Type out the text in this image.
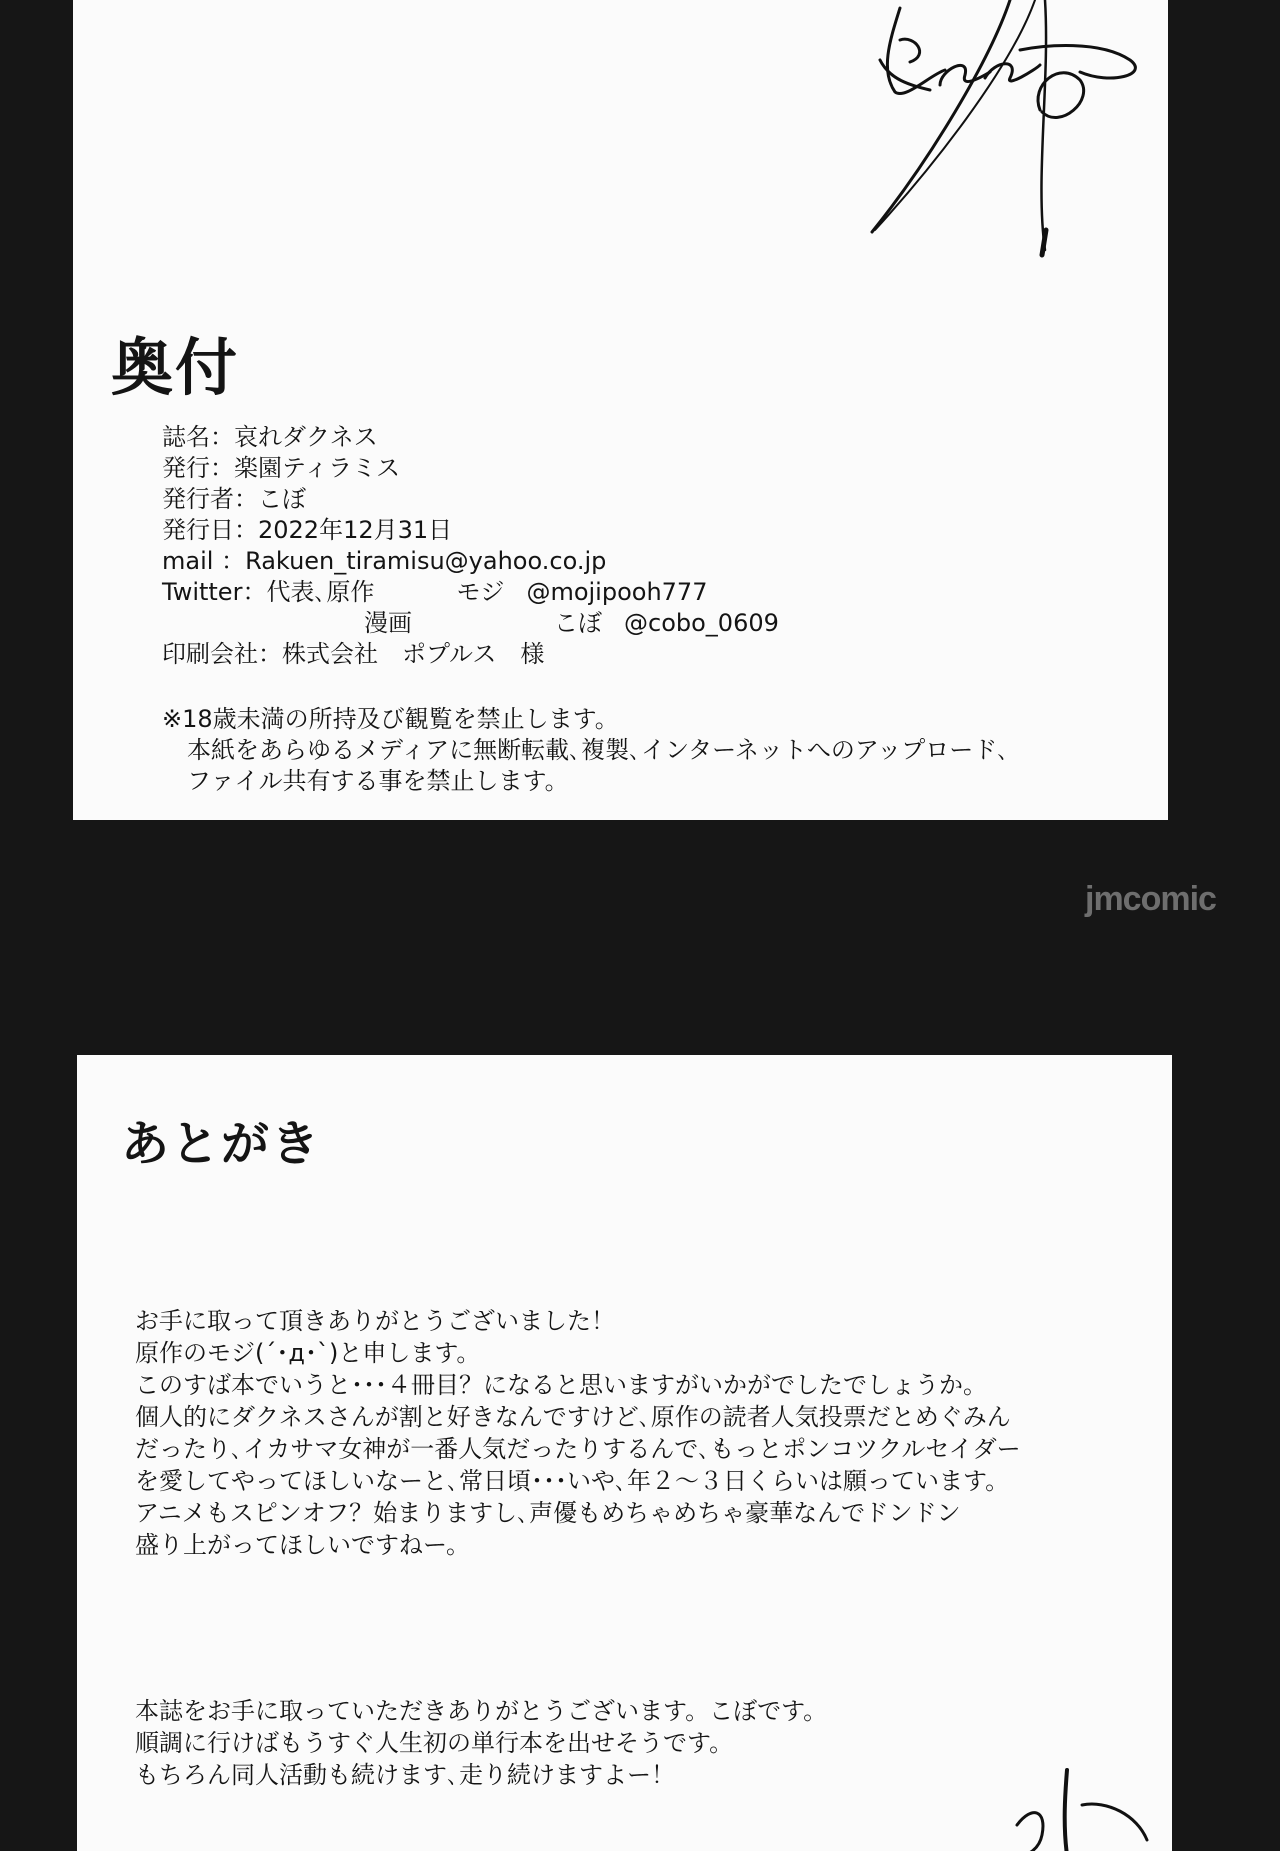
奥付
誌名： 哀れダクネス
発行： 楽園ティラミス
発行者： こぼ
発行日： 2022年12月31日
mail ： Rakuen_tiramisu@yahoo.co.jp
Twitter： 代表､原作	モジ @mojipooh777
漫画	こぼ @cobo_0609
印刷会社： 株式会社　ポプルス　様

※18歳未満の所持及び観覧を禁止します。

本紙をあらゆるメディアに無断転載､複製､インターネットへのアップロード､

ファイル共有する事を禁止します。

jmcomic
あとがき

お手に取って頂きありがとうございました！

原作のモジ(´･д･`)と申します。

このすば本でいうと･･･４冊目？になると思いますがいかがでしたでしょうか。

個人的にダクネスさんが割と好きなんですけど､原作の読者人気投票だとめぐみん

だったり､イカサマ女神が一番人気だったりするんで､もっとポンコツクルセイダー

を愛してやってほしいなーと､常日頃･･･いや､年２～３日くらいは願っています。

アニメもスピンオフ？始まりますし､声優もめちゃめちゃ豪華なんでドンドン

盛り上がってほしいですねー。

本誌をお手に取っていただきありがとうございます。こぼです。

順調に行けばもうすぐ人生初の単行本を出せそうです。

もちろん同人活動も続けます､走り続けますよー！
